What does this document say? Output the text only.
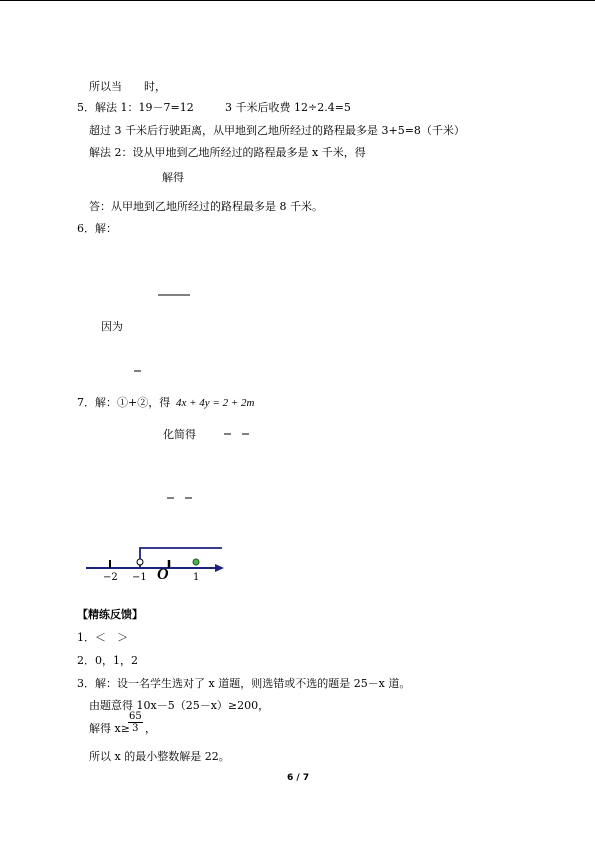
所以当　　时，
5．解法 1：19－7=12	3 千米后收费 12÷2.4=5
超过 3 千米后行驶距离，从甲地到乙地所经过的路程最多是 3+5=8（千米）
解法 2：设从甲地到乙地所经过的路程最多是 x 千米，得
解得
答：从甲地到乙地所经过的路程最多是 8 千米。
6．解：
因为
7．解：①+②，得 4x + 4y = 2 + 2m
化简得
−2 −1 O 1
【精练反馈】
1．＜　＞
2．0，1，2
3．解：设一名学生选对了 x 道题，则选错或不选的题是 25－x 道。
由题意得 10x－5（25－x）≥200，
解得 x≥
$\frac{65}{3}$ ，
所以 x 的最小整数解是 22。
6 / 7
